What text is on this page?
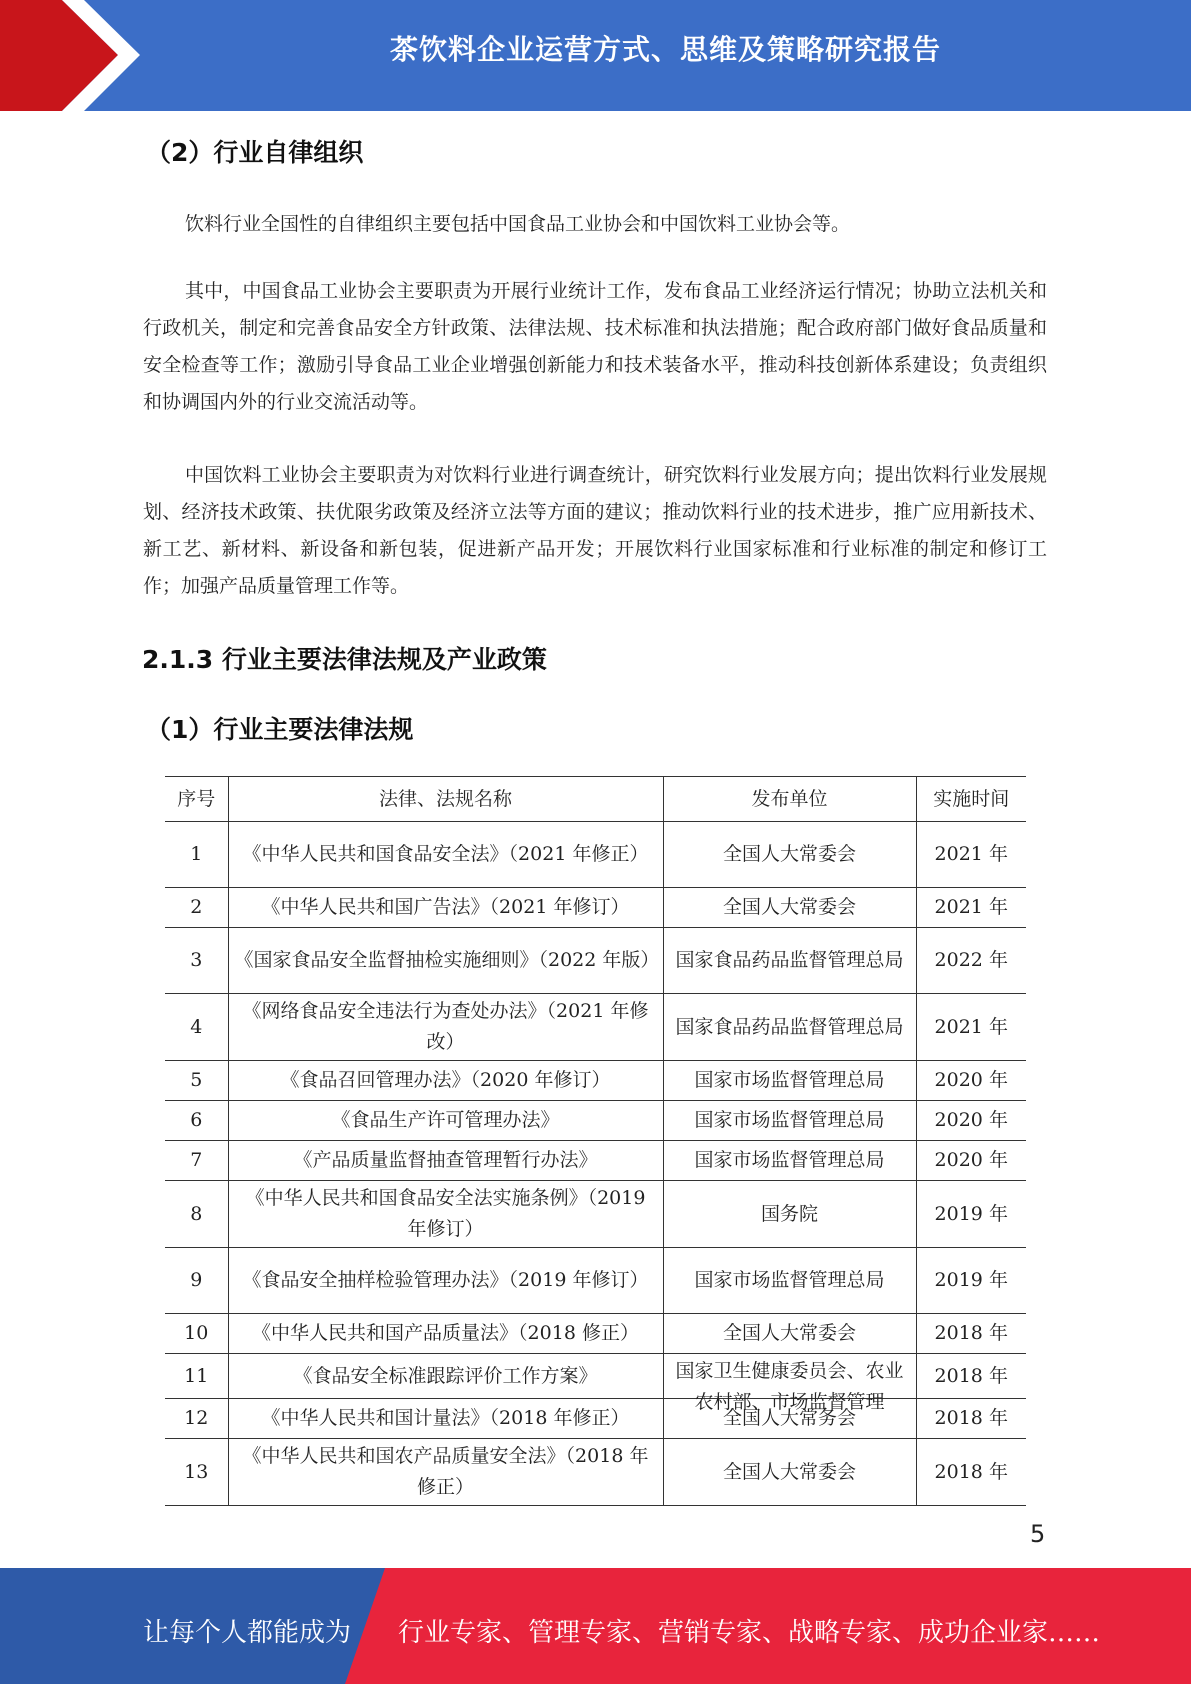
茶饮料企业运营方式、思维及策略研究报告
（2）行业自律组织

饮料行业全国性的自律组织主要包括中国食品工业协会和中国饮料工业协会等。

其中，中国食品工业协会主要职责为开展行业统计工作，发布食品工业经济运行情况；协助立法机关和行政机关，制定和完善食品安全方针政策、法律法规、技术标准和执法措施；配合政府部门做好食品质量和安全检查等工作；激励引导食品工业企业增强创新能力和技术装备水平，推动科技创新体系建设；负责组织和协调国内外的行业交流活动等。

中国饮料工业协会主要职责为对饮料行业进行调查统计，研究饮料行业发展方向；提出饮料行业发展规划、经济技术政策、扶优限劣政策及经济立法等方面的建议；推动饮料行业的技术进步，推广应用新技术、新工艺、新材料、新设备和新包装，促进新产品开发；开展饮料行业国家标准和行业标准的制定和修订工作；加强产品质量管理工作等。

2.1.3 行业主要法律法规及产业政策
（1）行业主要法律法规
序号	法律、法规名称	发布单位	实施时间
1	《中华人民共和国食品安全法》（2021 年修正）	全国人大常委会	2021 年
2	《中华人民共和国广告法》（2021 年修订）	全国人大常委会	2021 年
3	《国家食品安全监督抽检实施细则》（2022 年版）	国家食品药品监督管理总局	2022 年
4	《网络食品安全违法行为查处办法》（2021 年修改）	国家食品药品监督管理总局	2021 年
5	《食品召回管理办法》（2020 年修订）	国家市场监督管理总局	2020 年
6	《食品生产许可管理办法》	国家市场监督管理总局	2020 年
7	《产品质量监督抽查管理暂行办法》	国家市场监督管理总局	2020 年
8	《中华人民共和国食品安全法实施条例》（2019 年修订）	国务院	2019 年
9	《食品安全抽样检验管理办法》（2019 年修订）	国家市场监督管理总局	2019 年
10	《中华人民共和国产品质量法》（2018 修正）	全国人大常委会	2018 年
11	《食品安全标准跟踪评价工作方案》	国家卫生健康委员会、农业农村部、市场监督管理	2018 年
12	《中华人民共和国计量法》（2018 年修正）	全国人大常务会	2018 年
13	《中华人民共和国农产品质量安全法》（2018 年修正）	全国人大常委会	2018 年
5
让每个人都能成为 行业专家、管理专家、营销专家、战略专家、成功企业家……
